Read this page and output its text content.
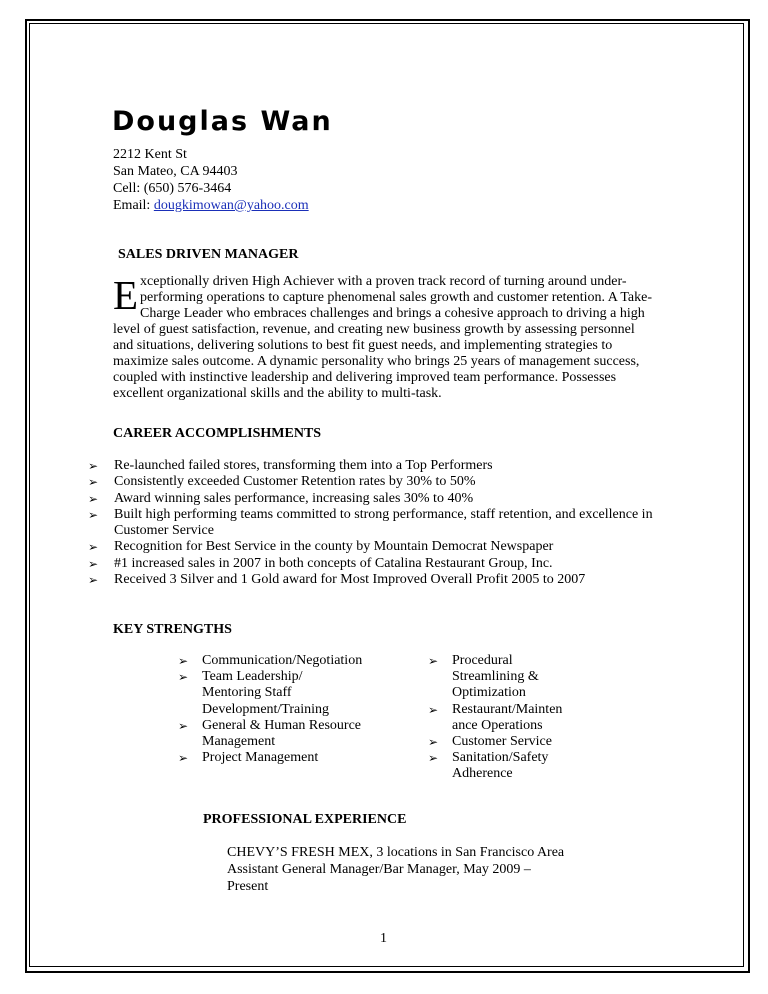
Douglas Wan
2212 Kent St
San Mateo, CA 94403
Cell: (650) 576-3464
Email: dougkimowan@yahoo.com
SALES DRIVEN MANAGER
Exceptionally driven High Achiever with a proven track record of turning around under-performing operations to capture phenomenal sales growth and customer retention. A Take-Charge Leader who embraces challenges and brings a cohesive approach to driving a high level of guest satisfaction, revenue, and creating new business growth by assessing personnel and situations, delivering solutions to best fit guest needs, and implementing strategies to maximize sales outcome. A dynamic personality who brings 25 years of management success, coupled with instinctive leadership and delivering improved team performance. Possesses excellent organizational skills and the ability to multi-task.
CAREER ACCOMPLISHMENTS
➢ Re-launched failed stores, transforming them into a Top Performers
➢ Consistently exceeded Customer Retention rates by 30% to 50%
➢ Award winning sales performance, increasing sales 30% to 40%
➢ Built high performing teams committed to strong performance, staff retention, and excellence in Customer Service
➢ Recognition for Best Service in the county by Mountain Democrat Newspaper
➢ #1 increased sales in 2007 in both concepts of Catalina Restaurant Group, Inc.
➢ Received 3 Silver and 1 Gold award for Most Improved Overall Profit 2005 to 2007
KEY STRENGTHS
➢ Communication/Negotiation
➢ Team Leadership/ Mentoring Staff Development/Training
➢ General & Human Resource Management
➢ Project Management
➢ Procedural Streamlining & Optimization
➢ Restaurant/Mainten ance Operations
➢ Customer Service
➢ Sanitation/Safety Adherence
PROFESSIONAL EXPERIENCE
CHEVY’S FRESH MEX, 3 locations in San Francisco Area
Assistant General Manager/Bar Manager, May 2009 –
Present
1
